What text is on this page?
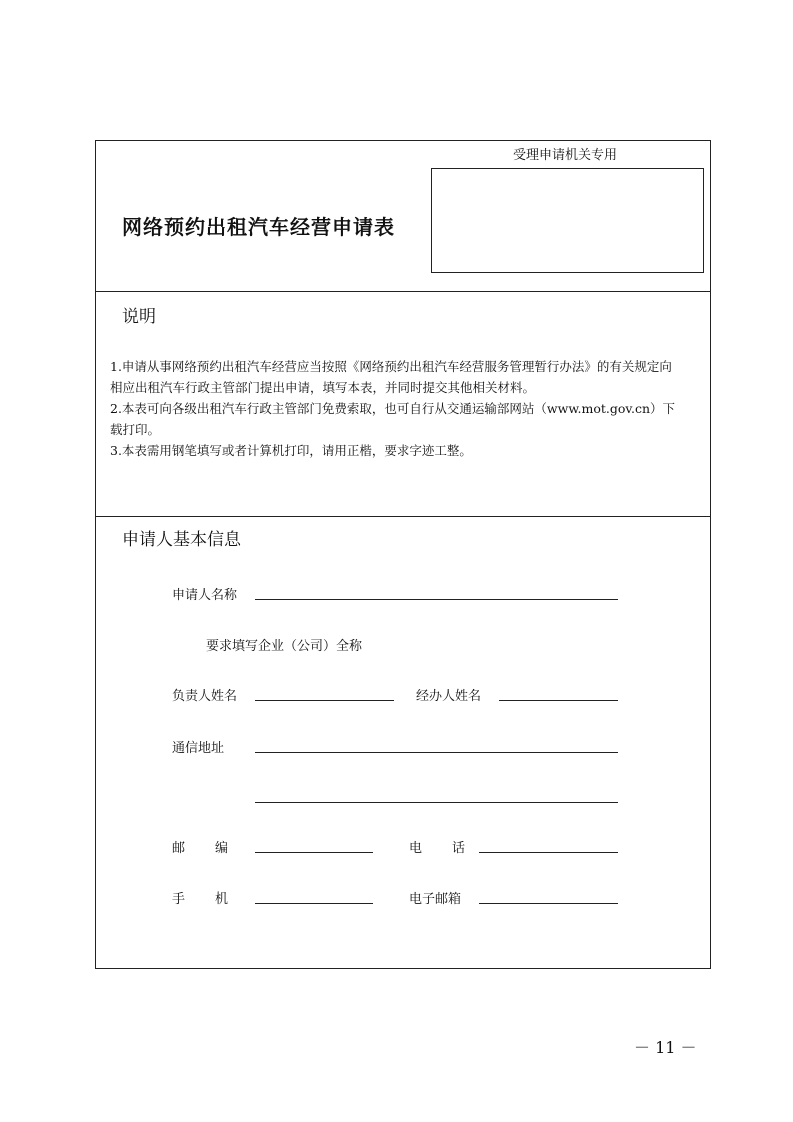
受理申请机关专用
网络预约出租汽车经营申请表
说明

1.申请从事网络预约出租汽车经营应当按照《网络预约出租汽车经营服务管理暂行办法》的有关规定向相应出租汽车行政主管部门提出申请，填写本表，并同时提交其他相关材料。

2.本表可向各级出租汽车行政主管部门免费索取，也可自行从交通运输部网站（www.mot.gov.cn）下载打印。

3.本表需用钢笔填写或者计算机打印，请用正楷，要求字迹工整。

申请人基本信息
申请人名称
要求填写企业（公司）全称
负责人姓名	经办人姓名
通信地址
邮编	电话
手机	电子邮箱
－ 11 －
